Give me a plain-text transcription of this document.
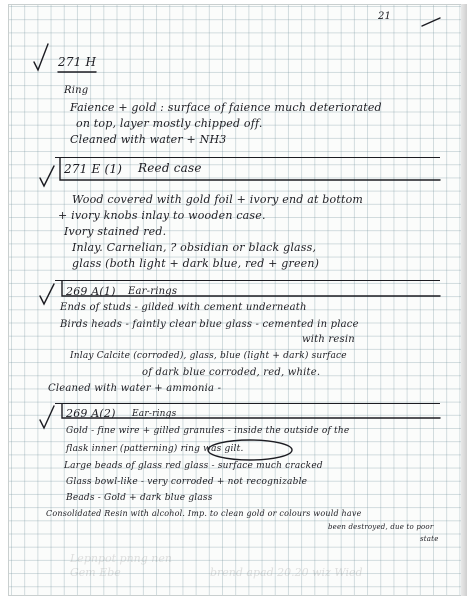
21
271 H
Ring
Faience + gold : surface of faience much deteriorated
on top, layer mostly chipped off.
Cleaned with water + NH3
271 E (1) Reed case
Wood covered with gold foil + ivory end at bottom
+ ivory knobs inlay to wooden case.
Ivory stained red.
Inlay. Carnelian, ? obsidian or black glass,
glass (both light + dark blue, red + green)
269 A(1) Ear-rings
Ends of studs - gilded with cement underneath
Birds heads - faintly clear blue glass - cemented in place
with resin
Inlay Calcite (corroded), glass, blue (light + dark) surface
of dark blue corroded, red, white.
Cleaned with water + ammonia -
269 A(2) Ear-rings
Gold - fine wire + gilled granules - inside the outside of the
flask inner (patterning) ring was gilt.
Large beads of glass red glass - surface much cracked
Glass bowl-like - very corroded + not recognizable
Beads - Gold + dark blue glass
Consolidated Resin with alcohol. Imp. to clean gold or colours would have
been destroyed, due to poor
state
Lepnpot pnng nen
Gem Ebe	brend apad 20.20 wiz Wied
